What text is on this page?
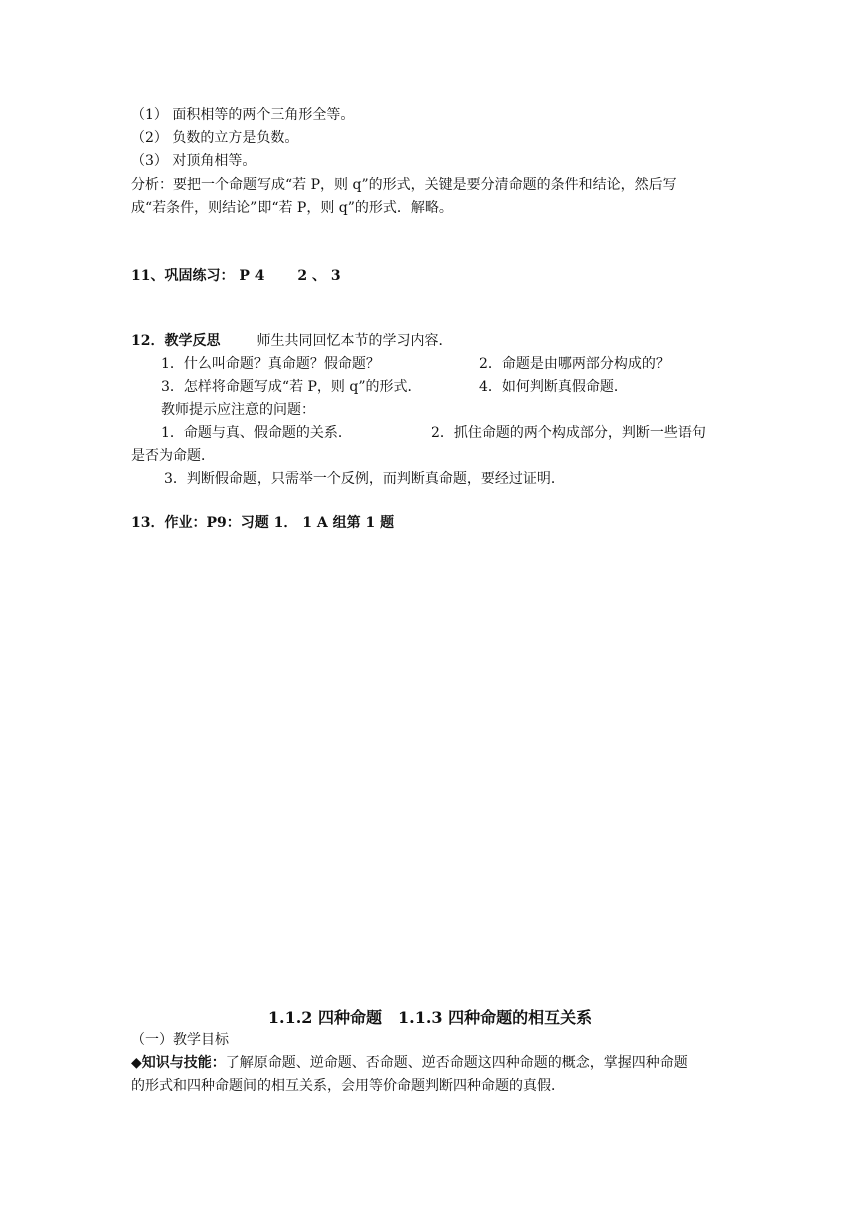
（1） 面积相等的两个三角形全等。
（2） 负数的立方是负数。
（3） 对顶角相等。
分析：要把一个命题写成“若 P，则 q”的形式，关键是要分清命题的条件和结论，然后写
成“若条件，则结论”即“若 P，则 q”的形式．解略。
11、巩固练习： P 4　　 2 、 3
12．教学反思	师生共同回忆本节的学习内容．
1．什么叫命题？真命题？假命题？	2．命题是由哪两部分构成的？
3．怎样将命题写成“若 P，则 q”的形式．	4．如何判断真假命题．
教师提示应注意的问题：
1．命题与真、假命题的关系．	2．抓住命题的两个构成部分，判断一些语句
是否为命题．
3．判断假命题，只需举一个反例，而判断真命题，要经过证明．
13．作业：P9：习题 1． 1 A 组第 1 题
1.1.2 四种命题　1.1.3 四种命题的相互关系
（一）教学目标
◆知识与技能：了解原命题、逆命题、否命题、逆否命题这四种命题的概念，掌握四种命题
的形式和四种命题间的相互关系，会用等价命题判断四种命题的真假．
